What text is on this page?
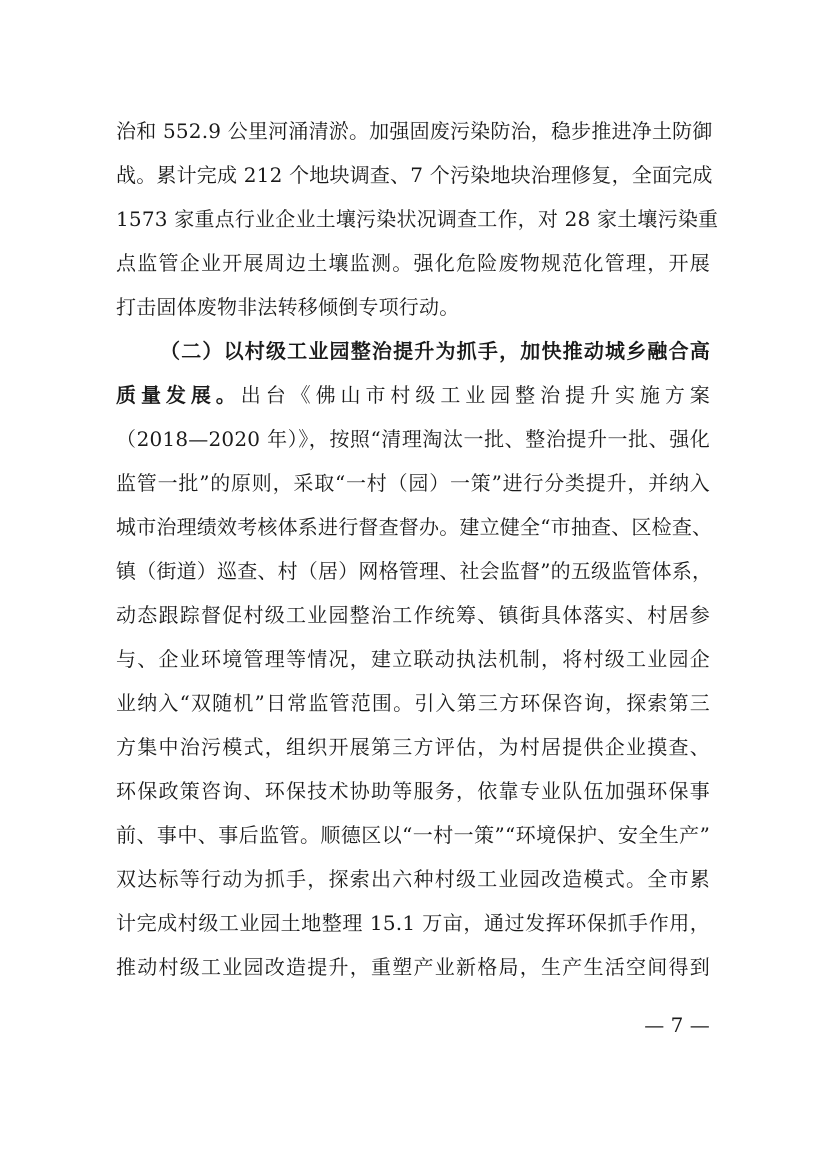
治和 552.9 公里河涌清淤。加强固废污染防治，稳步推进净土防御
战。累计完成 212 个地块调查、7 个污染地块治理修复，全面完成
1573 家重点行业企业土壤污染状况调查工作，对 28 家土壤污染重
点监管企业开展周边土壤监测。强化危险废物规范化管理，开展
打击固体废物非法转移倾倒专项行动。
（二）以村级工业园整治提升为抓手，加快推动城乡融合高
质量发展。出台《佛山市村级工业园整治提升实施方案
（2018—2020 年）》，按照“清理淘汰一批、整治提升一批、强化
监管一批”的原则，采取“一村（园）一策”进行分类提升，并纳入
城市治理绩效考核体系进行督查督办。建立健全“市抽查、区检查、
镇（街道）巡查、村（居）网格管理、社会监督”的五级监管体系，
动态跟踪督促村级工业园整治工作统筹、镇街具体落实、村居参
与、企业环境管理等情况，建立联动执法机制，将村级工业园企
业纳入“双随机”日常监管范围。引入第三方环保咨询，探索第三
方集中治污模式，组织开展第三方评估，为村居提供企业摸查、
环保政策咨询、环保技术协助等服务，依靠专业队伍加强环保事
前、事中、事后监管。顺德区以“一村一策”“环境保护、安全生产”
双达标等行动为抓手，探索出六种村级工业园改造模式。全市累
计完成村级工业园土地整理 15.1 万亩，通过发挥环保抓手作用，
推动村级工业园改造提升，重塑产业新格局，生产生活空间得到
— 7 —
